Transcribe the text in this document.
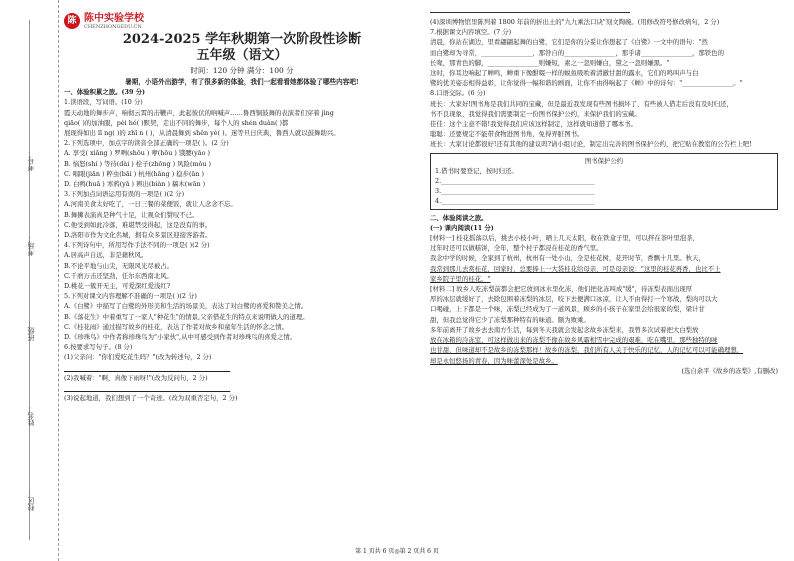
考号：
考场：
班级：
姓名：
校区：
陈 陈中实验学校
CHENZHONGEDU.CN
2024-2025 学年秋期第一次阶段性诊断
五年级（语文）
时间：120 分钟 满分：100 分
暑期，小语外出游学，有了很多新的体验，我们一起看看她都体验了哪些内容吧!

一、体验积累之旅。(39 分)

1.读语段，写词语。(10 分)

霞天动地的舞步声，响彻云霄的击鞭声，此起彼伏的吶喊声……鲁西铜鼓舞的表演者们穿着 jìng

qiāo( )的加油服，pèi hé( )默契，走出不同的舞步，每个人的 shén duàn( )都

展现得如出 lǐ ng( )的 zhǐ n ( )，从清晨舞到 shěn yè( )。迷等旦日庆典，鲁西人就以鼓舞助兴。

2.下列选项中，加点字的读音全部正确的一项是( )。(2 分)

A. 享受( xiǎng ) 罗咧(shǒu ) 咿(hōu ) 饿腰(yāo )

B. 恼怒(shí ) 等待(dài ) 栓子(zhōng ) 风险(mǒu )

C. 唱眼(jiān ) 粹虫(bāi ) 杭州(hāng ) 稳步(ān )

D. 白鸭(huā ) 寒鸦(yā ) 辨出(biàn ) 稿木(wān )

3.下列加点词语运用有误的一项是( )(2 分)

A.河南美食太好吃了，一日三餐的菜便饭，就让人念念不忘。

B.舞狮表演真是种气十足，让观众们赞叹不已。

C.他受到如此冷落，难堪禁受得起，这是没有的事。

D.洛阳市作为文化名城，拥有众多景区迎接客游者。

4.下列诗句中，所用写作手法不同的一项是( )(2 分)

A.居高声自远，非是藉秋风。

B.不论平地与山尖，无限风光尽被占。

C.千磨万击还坚劲，任尔东西南北风。

D.桃花一簇开无主，可爱深红爱浅红?

5.下列对课文内容理解不准确的一项是( )(2 分)

A.《白鹭》中描写了白鹭的外形美和生活的场景美，表达了对白鹭的喜爱和赞美之情。

B.《落花生》中着重写了一家人"种花生"的情景,父亲借花生的特点来说明做人的道理。

C.《桂花雨》通过描写故乡的桂花，表达了作者对故乡和童年生活的怀念之情。

D.《珍珠鸟》中作者称珍珠鸟为"小家伙",从中可感受到作者对珍珠鸟的喜爱之情。

6.按要求写句子。(8 分)

(1)父亲问："你们爱吃花生吗？"(改为转述句，2 分)

____________________________________________________

(2)我喊着："啊，真像下雨呀!"(改为反问句，2 分)

____________________________________________________

(3)说起地道，我们想到了一个奇迹。(改为双重否定句，2 分)

(4)深圳博物馆里陈列着 1800 年前的折出土的"九九乘法口诀"刻文陶碗。(用修改符号修改病句，2 分)

7.根据课文内容填空。(7 分)

清晨，你站在湖边，里看翩翩起舞的白鹭，它们是你的分妥让你想起了《白鹭》一文中的语句："然

而白鹭却为寻常，________________，那咎自的________________，那乎诸________________，那铁色的

长喙，那青色的脚，________________则嫌短，素之一忽则嫌白，黛之一忽则嫌黑。"

这时，你耳边响起了蝉鸣，蝉重下像酣啜一样的蜕鱼吸吮着清澈甘甜的露水，它们的鸣叫声与白

鹭的优美姿态相得益彰，让你觉得一幅和谐的画面，让你不由得响起了《蝉》中的诗句："________________。"

8.口语交际。(6 分)

班长：大家好!图书角是我们共同的宝藏，但是最近我发现有些图书损坏了，有些被人借走后没有及时归还，

书不良现象，我觉得我们需要制定一份图书保护公约，来保护我们的宝藏。

佳佳：这个主意不错!我觉得我们应该这样制定，这样就知道借了哪本书。

聪聪：还要规定不能带食物进图书角，免得弄脏图书。

班长：大家讨论都很好!还有其他的建议吗?请小组讨论，制定出完善的图书保护公约，把它贴在教室的公告栏上吧!

图书保护公约

1.借书时要登记，按时归还。

2.________________________________________________

3.________________________________________________

4.________________________________________________

二、体验阅读之旅。

(一) 课内阅读(11 分)

[材料一] 桂花摇落以后，挑去小枝小叶，晒上几天太阳，收在铁盒子里，可以拌在茶叶里泡茶，

过年时还可以做糕饼，全年，整个村子都浸在桂花的香气里。

我念中学的时候，全家到了杭州，杭州有一处小山，全是桂花树，花开时节，香飘十几里。秋天，

我常到那儿去赏桂花，回家时，总要捧上一大袋桂花给母亲，可是母亲说："这里的桂花再香，也比不上

家乡院子里的桂花。"

[材料二] 故乡人吃冻梨前都会把它放到冰水里化冻，他们把化冻叫成"缓"，待冻梨表面出现厚

厚的冰层就缓好了，去除包围着冻梨的冰层，咬下去便满口冰凉，让人不由得打一个寒战，梨肉可以大

口喝碰，上下都是一个味，冻梨已经成为了一道风景，顾乡的小孩子在家里会给很家的梨，梁计甘

甜，但我总觉得它少了冻梨那种特有的味道。颇为败乘。

多年前离开了故乡去去南方生活，每到冬天我就会发起念故乡冻梨来，我曾多次试着把大白梨放

放在冰箱的冷冻室，可这样做出来的冻梨不像在故乡风霜相雪中完成的艰难，吃在嘴里，那些独特的味

也甘甜，但味道却不是故乡的冻梨那样！故乡的冻梨，我们所有人关于快乐的记忆，人的记忆可以可能确理想，

却是永恒悠扬的青春，因为味蕾深处是故乡。

(选自余平《故乡的冻梨》,有删改)

第 1 页共 6 页◎第 2 页共 6 页
